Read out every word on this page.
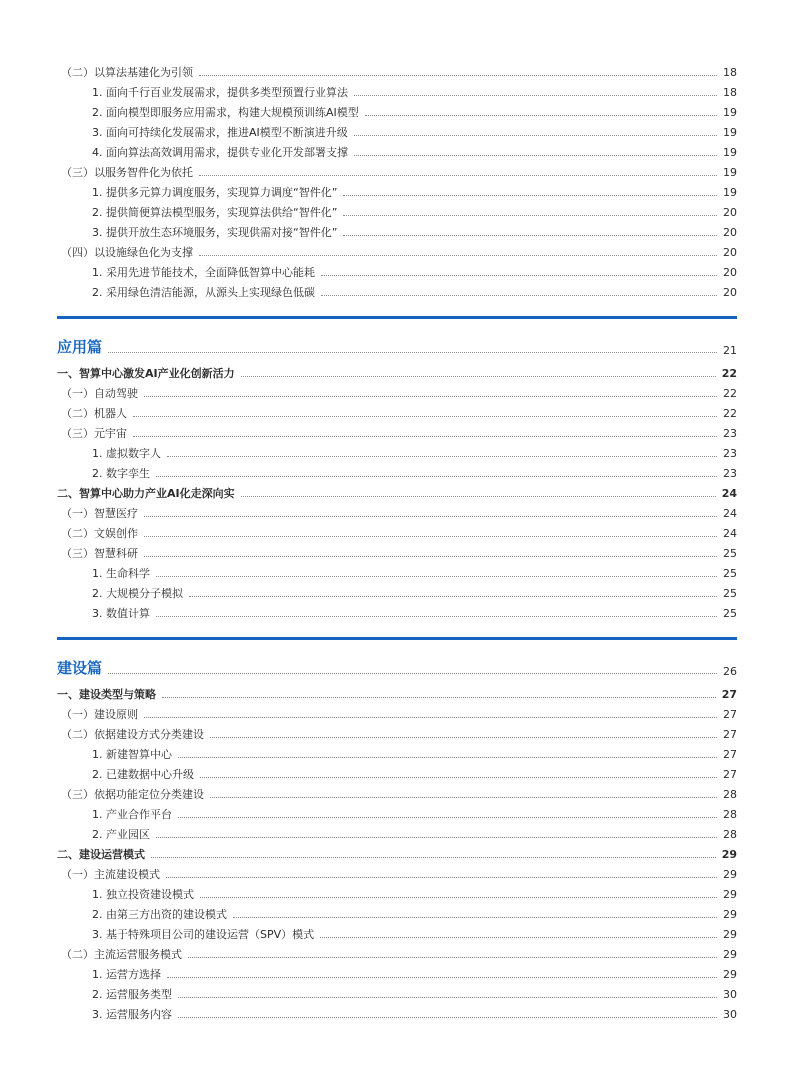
（二）以算法基建化为引领	18
1. 面向千行百业发展需求，提供多类型预置行业算法	18
2. 面向模型即服务应用需求，构建大规模预训练AI模型	19
3. 面向可持续化发展需求，推进AI模型不断演进升级	19
4. 面向算法高效调用需求，提供专业化开发部署支撑	19
（三）以服务智件化为依托	19
1. 提供多元算力调度服务，实现算力调度“智件化”	19
2. 提供简便算法模型服务，实现算法供给“智件化”	20
3. 提供开放生态环境服务，实现供需对接“智件化”	20
（四）以设施绿色化为支撑	20
1. 采用先进节能技术，全面降低智算中心能耗	20
2. 采用绿色清洁能源，从源头上实现绿色低碳	20
应用篇	21
一、智算中心激发AI产业化创新活力	22
（一）自动驾驶	22
（二）机器人	22
（三）元宇宙	23
1. 虚拟数字人	23
2. 数字孪生	23
二、智算中心助力产业AI化走深向实	24
（一）智慧医疗	24
（二）文娱创作	24
（三）智慧科研	25
1. 生命科学	25
2. 大规模分子模拟	25
3. 数值计算	25
建设篇	26
一、建设类型与策略	27
（一）建设原则	27
（二）依据建设方式分类建设	27
1. 新建智算中心	27
2. 已建数据中心升级	27
（三）依据功能定位分类建设	28
1. 产业合作平台	28
2. 产业园区	28
二、建设运营模式	29
（一）主流建设模式	29
1. 独立投资建设模式	29
2. 由第三方出资的建设模式	29
3. 基于特殊项目公司的建设运营（SPV）模式	29
（二）主流运营服务模式	29
1. 运营方选择	29
2. 运营服务类型	30
3. 运营服务内容	30
